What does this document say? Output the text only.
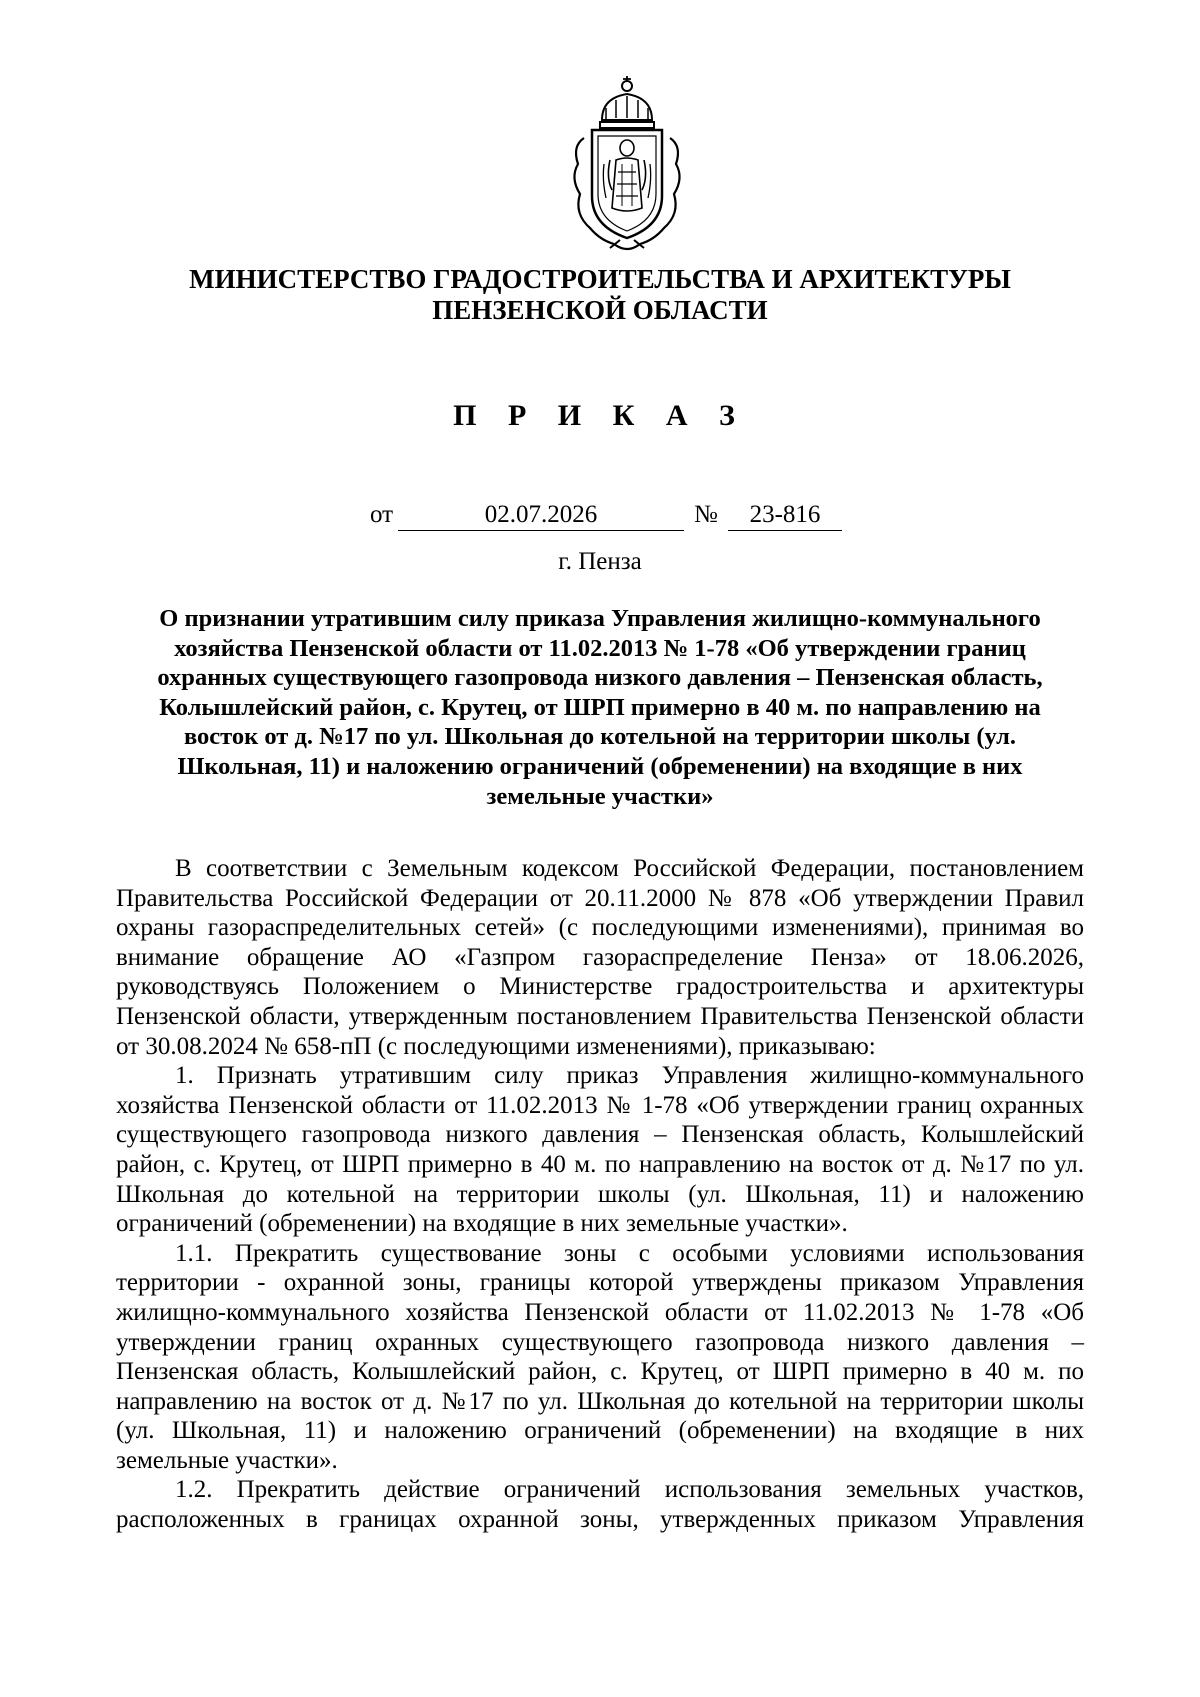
МИНИСТЕРСТВО ГРАДОСТРОИТЕЛЬСТВА И АРХИТЕКТУРЫ
ПЕНЗЕНСКОЙ ОБЛАСТИ
П Р И К А З
от	02.07.2026	№	23-816
г. Пенза
О признании утратившим силу приказа Управления жилищно-коммунального хозяйства Пензенской области от 11.02.2013 № 1-78 «Об утверждении границ охранных существующего газопровода низкого давления – Пензенская область, Колышлейский район, с. Крутец, от ШРП примерно в 40 м. по направлению на восток от д. №17 по ул. Школьная до котельной на территории школы (ул. Школьная, 11) и наложению ограничений (обременении) на входящие в них земельные участки»

В соответствии с Земельным кодексом Российской Федерации, постановлением Правительства Российской Федерации от 20.11.2000 № 878 «Об утверждении Правил охраны газораспределительных сетей» (с последующими изменениями), принимая во внимание обращение АО «Газпром газораспределение Пенза» от 18.06.2026, руководствуясь Положением о Министерстве градостроительства и архитектуры Пензенской области, утвержденным постановлением Правительства Пензенской области от 30.08.2024 № 658-пП (с последующими изменениями), приказываю:

1. Признать утратившим силу приказ Управления жилищно-коммунального хозяйства Пензенской области от 11.02.2013 № 1-78 «Об утверждении границ охранных существующего газопровода низкого давления – Пензенская область, Колышлейский район, с. Крутец, от ШРП примерно в 40 м. по направлению на восток от д. №17 по ул. Школьная до котельной на территории школы (ул. Школьная, 11) и наложению ограничений (обременении) на входящие в них земельные участки».

1.1. Прекратить существование зоны с особыми условиями использования территории - охранной зоны, границы которой утверждены приказом Управления жилищно-коммунального хозяйства Пензенской области от 11.02.2013 № 1-78 «Об утверждении границ охранных существующего газопровода низкого давления – Пензенская область, Колышлейский район, с. Крутец, от ШРП примерно в 40 м. по направлению на восток от д. №17 по ул. Школьная до котельной на территории школы (ул. Школьная, 11) и наложению ограничений (обременении) на входящие в них земельные участки».

1.2. Прекратить действие ограничений использования земельных участков, расположенных в границах охранной зоны, утвержденных приказом Управления
